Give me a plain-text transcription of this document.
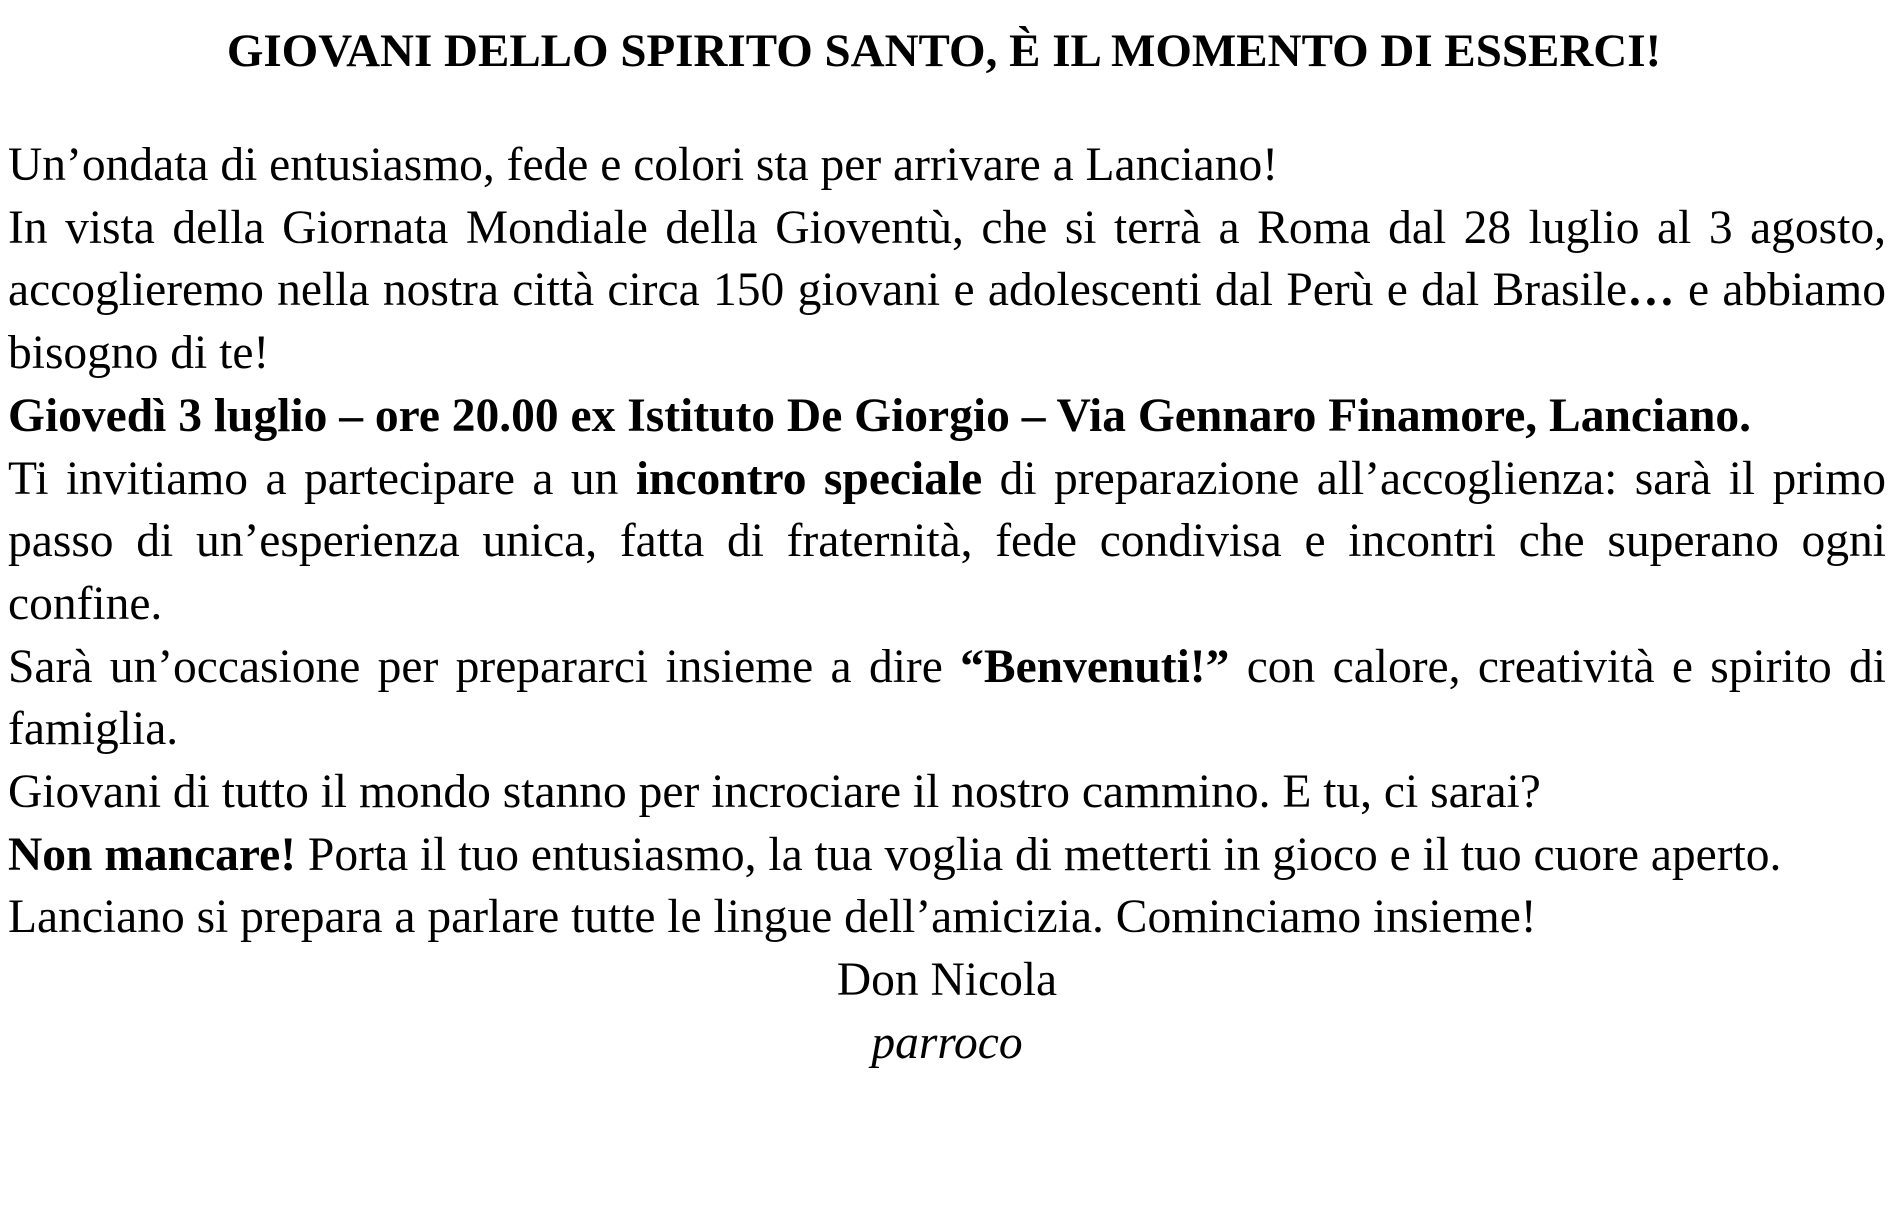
GIOVANI DELLO SPIRITO SANTO, È IL MOMENTO DI ESSERCI!

Un’ondata di entusiasmo, fede e colori sta per arrivare a Lanciano!

In vista della Giornata Mondiale della Gioventù, che si terrà a Roma dal 28 luglio al 3 agosto, accoglieremo nella nostra città circa 150 giovani e adolescenti dal Perù e dal Brasile… e abbiamo bisogno di te!

Giovedì 3 luglio – ore 20.00 ex Istituto De Giorgio – Via Gennaro Finamore, Lanciano.

Ti invitiamo a partecipare a un incontro speciale di preparazione all’accoglienza: sarà il primo passo di un’esperienza unica, fatta di fraternità, fede condivisa e incontri che superano ogni confine.

Sarà un’occasione per prepararci insieme a dire “Benvenuti!” con calore, creatività e spirito di famiglia.

Giovani di tutto il mondo stanno per incrociare il nostro cammino. E tu, ci sarai?

Non mancare! Porta il tuo entusiasmo, la tua voglia di metterti in gioco e il tuo cuore aperto.

Lanciano si prepara a parlare tutte le lingue dell’amicizia. Cominciamo insieme!

Don Nicola

parroco
